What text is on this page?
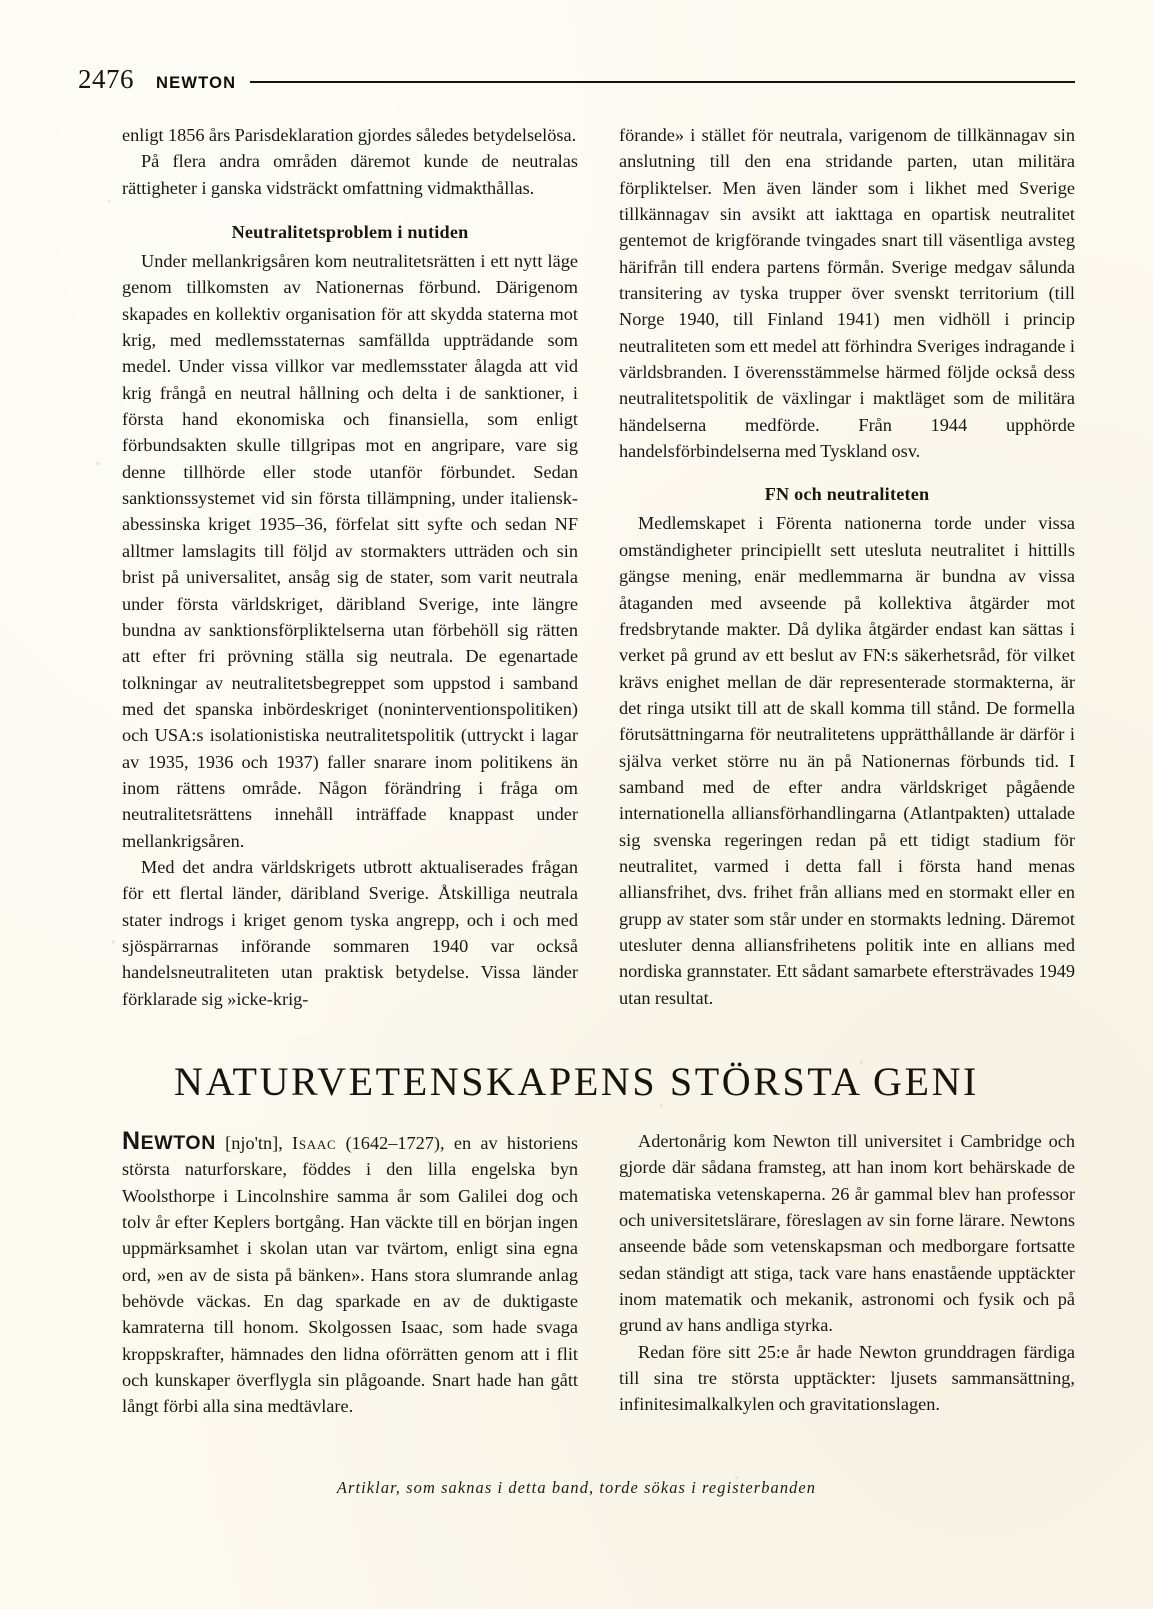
2476 NEWTON

enligt 1856 års Parisdeklaration gjordes således betydelselösa.

På flera andra områden däremot kunde de neutralas rättigheter i ganska vidsträckt omfattning vidmakthållas.

Neutralitetsproblem i nutiden

Under mellankrigsåren kom neutralitetsrätten i ett nytt läge genom tillkomsten av Nationernas förbund. Därigenom skapades en kollektiv organisation för att skydda staterna mot krig, med medlemsstaternas samfällda uppträdande som medel. Under vissa villkor var medlemsstater ålagda att vid krig frångå en neutral hållning och delta i de sanktioner, i första hand ekonomiska och finansiella, som enligt förbundsakten skulle tillgripas mot en angripare, vare sig denne tillhörde eller stode utanför förbundet. Sedan sanktionssystemet vid sin första tillämpning, under italiensk-abessinska kriget 1935–36, förfelat sitt syfte och sedan NF alltmer lamslagits till följd av stormakters utträden och sin brist på universalitet, ansåg sig de stater, som varit neutrala under första världskriget, däribland Sverige, inte längre bundna av sanktionsförpliktelserna utan förbehöll sig rätten att efter fri prövning ställa sig neutrala. De egenartade tolkningar av neutralitetsbegreppet som uppstod i samband med det spanska inbördeskriget (noninterventionspolitiken) och USA:s isolationistiska neutralitetspolitik (uttryckt i lagar av 1935, 1936 och 1937) faller snarare inom politikens än inom rättens område. Någon förändring i fråga om neutralitetsrättens innehåll inträffade knappast under mellankrigsåren.

Med det andra världskrigets utbrott aktualiserades frågan för ett flertal länder, däribland Sverige. Åtskilliga neutrala stater indrogs i kriget genom tyska angrepp, och i och med sjöspärrarnas införande sommaren 1940 var också handelsneutraliteten utan praktisk betydelse. Vissa länder förklarade sig »icke-krig-

förande» i stället för neutrala, varigenom de tillkännagav sin anslutning till den ena stridande parten, utan militära förpliktelser. Men även länder som i likhet med Sverige tillkännagav sin avsikt att iakttaga en opartisk neutralitet gentemot de krigförande tvingades snart till väsentliga avsteg härifrån till endera partens förmån. Sverige medgav sålunda transitering av tyska trupper över svenskt territorium (till Norge 1940, till Finland 1941) men vidhöll i princip neutraliteten som ett medel att förhindra Sveriges indragande i världsbranden. I överensstämmelse härmed följde också dess neutralitetspolitik de växlingar i maktläget som de militära händelserna medförde. Från 1944 upphörde handelsförbindelserna med Tyskland osv.

FN och neutraliteten

Medlemskapet i Förenta nationerna torde under vissa omständigheter principiellt sett utesluta neutralitet i hittills gängse mening, enär medlemmarna är bundna av vissa åtaganden med avseende på kollektiva åtgärder mot fredsbrytande makter. Då dylika åtgärder endast kan sättas i verket på grund av ett beslut av FN:s säkerhetsråd, för vilket krävs enighet mellan de där representerade stormakterna, är det ringa utsikt till att de skall komma till stånd. De formella förutsättningarna för neutralitetens upprätthållande är därför i själva verket större nu än på Nationernas förbunds tid. I samband med de efter andra världskriget pågående internationella alliansförhandlingarna (Atlantpakten) uttalade sig svenska regeringen redan på ett tidigt stadium för neutralitet, varmed i detta fall i första hand menas alliansfrihet, dvs. frihet från allians med en stormakt eller en grupp av stater som står under en stormakts ledning. Däremot utesluter denna alliansfrihetens politik inte en allians med nordiska grannstater. Ett sådant samarbete eftersträvades 1949 utan resultat.

NATURVETENSKAPENS STÖRSTA GENI

NEWTON [njo'tn], Isaac (1642–1727), en av historiens största naturforskare, föddes i den lilla engelska byn Woolsthorpe i Lincolnshire samma år som Galilei dog och tolv år efter Keplers bortgång. Han väckte till en början ingen uppmärksamhet i skolan utan var tvärtom, enligt sina egna ord, »en av de sista på bänken». Hans stora slumrande anlag behövde väckas. En dag sparkade en av de duktigaste kamraterna till honom. Skolgossen Isaac, som hade svaga kroppskrafter, hämnades den lidna oförrätten genom att i flit och kunskaper överflygla sin plågoande. Snart hade han gått långt förbi alla sina medtävlare.

Adertonårig kom Newton till universitet i Cambridge och gjorde där sådana framsteg, att han inom kort behärskade de matematiska vetenskaperna. 26 år gammal blev han professor och universitetslärare, föreslagen av sin forne lärare. Newtons anseende både som vetenskapsman och medborgare fortsatte sedan ständigt att stiga, tack vare hans enastående upptäckter inom matematik och mekanik, astronomi och fysik och på grund av hans andliga styrka.

Redan före sitt 25:e år hade Newton grunddragen färdiga till sina tre största upptäckter: ljusets sammansättning, infinitesimalkalkylen och gravitationslagen.

Artiklar, som saknas i detta band, torde sökas i registerbanden
